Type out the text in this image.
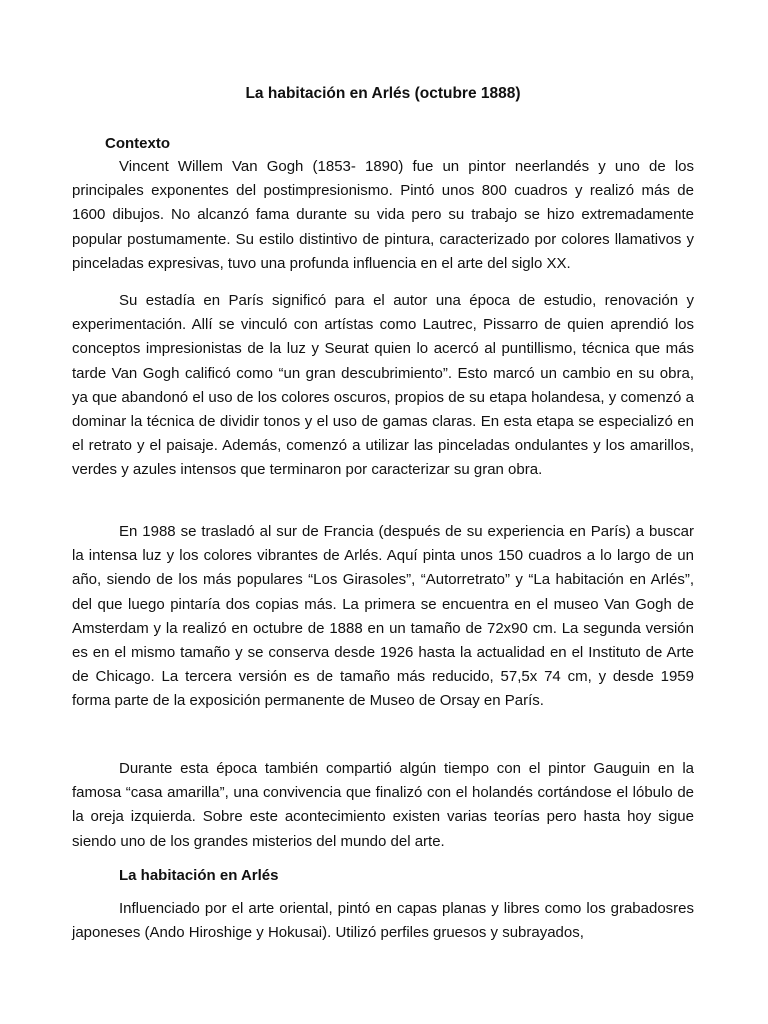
La habitación en Arlés (octubre 1888)
Contexto

Vincent Willem Van Gogh (1853- 1890) fue un pintor neerlandés y uno de los principales exponentes del postimpresionismo. Pintó unos 800 cuadros y realizó más de 1600 dibujos. No alcanzó fama durante su vida pero su trabajo se hizo extremadamente popular postumamente. Su estilo distintivo de pintura, caracterizado por colores llamativos y pinceladas expresivas, tuvo una profunda influencia en el arte del siglo XX.

Su estadía en París significó para el autor una época de estudio, renovación y experimentación. Allí se vinculó con artístas como Lautrec, Pissarro de quien aprendió los conceptos impresionistas de la luz y Seurat quien lo acercó al puntillismo, técnica que más tarde Van Gogh calificó como “un gran descubrimiento”. Esto marcó un cambio en su obra, ya que abandonó el uso de los colores oscuros, propios de su etapa holandesa, y comenzó a dominar la técnica de dividir tonos y el uso de gamas claras. En esta etapa se especializó en el retrato y el paisaje. Además, comenzó a utilizar las pinceladas ondulantes y los amarillos, verdes y azules intensos que terminaron por caracterizar su gran obra.

En 1988 se trasladó al sur de Francia (después de su experiencia en París) a buscar la intensa luz y los colores vibrantes de Arlés. Aquí pinta unos 150 cuadros a lo largo de un año, siendo de los más populares “Los Girasoles”, “Autorretrato” y “La habitación en Arlés”, del que luego pintaría dos copias más. La primera se encuentra en el museo Van Gogh de Amsterdam y la realizó en octubre de 1888 en un tamaño de 72x90 cm. La segunda versión es en el mismo tamaño y se conserva desde 1926 hasta la actualidad en el Instituto de Arte de Chicago. La tercera versión es de tamaño más reducido, 57,5x 74 cm, y desde 1959 forma parte de la exposición permanente de Museo de Orsay en París.

Durante esta época también compartió algún tiempo con el pintor Gauguin en la famosa “casa amarilla”, una convivencia que finalizó con el holandés cortándose el lóbulo de la oreja izquierda. Sobre este acontecimiento existen varias teorías pero hasta hoy sigue siendo uno de los grandes misterios del mundo del arte.

La habitación en Arlés

Influenciado por el arte oriental, pintó en capas planas y libres como los grabadosres japoneses (Ando Hiroshige y Hokusai). Utilizó perfiles gruesos y subrayados,
